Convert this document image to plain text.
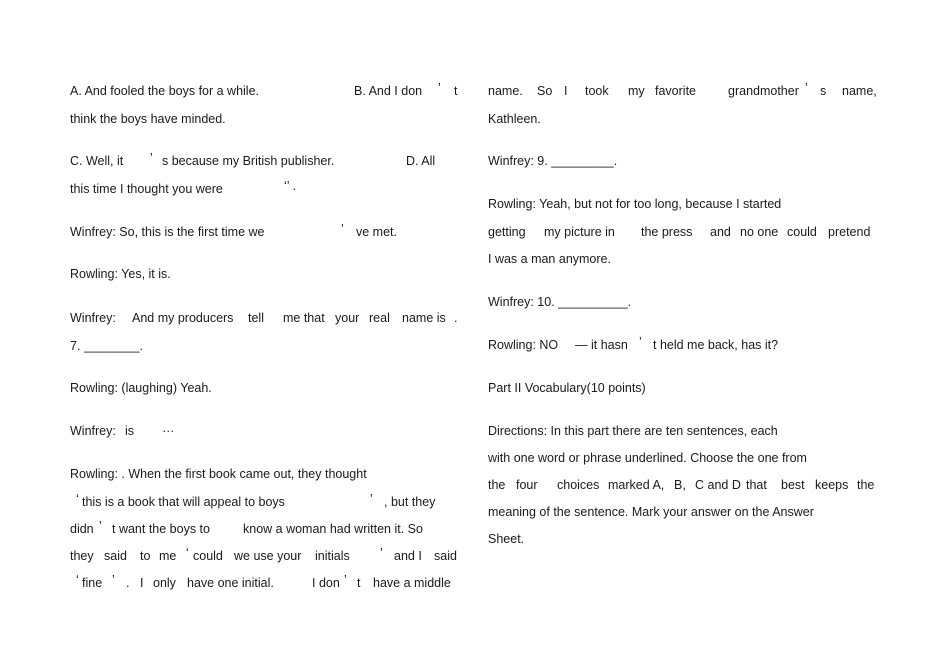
A. And fooled the boys for a while.	B. And I don ’ t
think the boys have minded.
C. Well, it ’ s because my British publisher.	D. All
this time I thought you were	‘’ .
Winfrey: So, this is the first time we	’ ve met.
Rowling: Yes, it is.
Winfrey: And my producers tell me that your real name is .
7. ________.
Rowling: (laughing) Yeah.
Winfrey: is …
Rowling: . When the first book came out, they thought
‘ this is a book that will appeal to boys	’ , but they
didn ’ t want the boys to	know a woman had written it. So
they said to me ‘ could we use your initials ’ and I said
‘ fine ’ . I only have one initial.	I don ’ t have a middle
name. So I took my favorite	grandmother ’ s name,
Kathleen.
Winfrey: 9. _________.
Rowling: Yeah, but not for too long, because I started
getting my picture in the press and no one could pretend
I was a man anymore.
Winfrey: 10. __________.
Rowling: NO — it hasn ’ t held me back, has it?
Part II Vocabulary(10 points)
Directions: In this part there are ten sentences, each
with one word or phrase underlined. Choose the one from
the four choices marked A, B, C and D that best keeps the
meaning of the sentence. Mark your answer on the Answer
Sheet.
